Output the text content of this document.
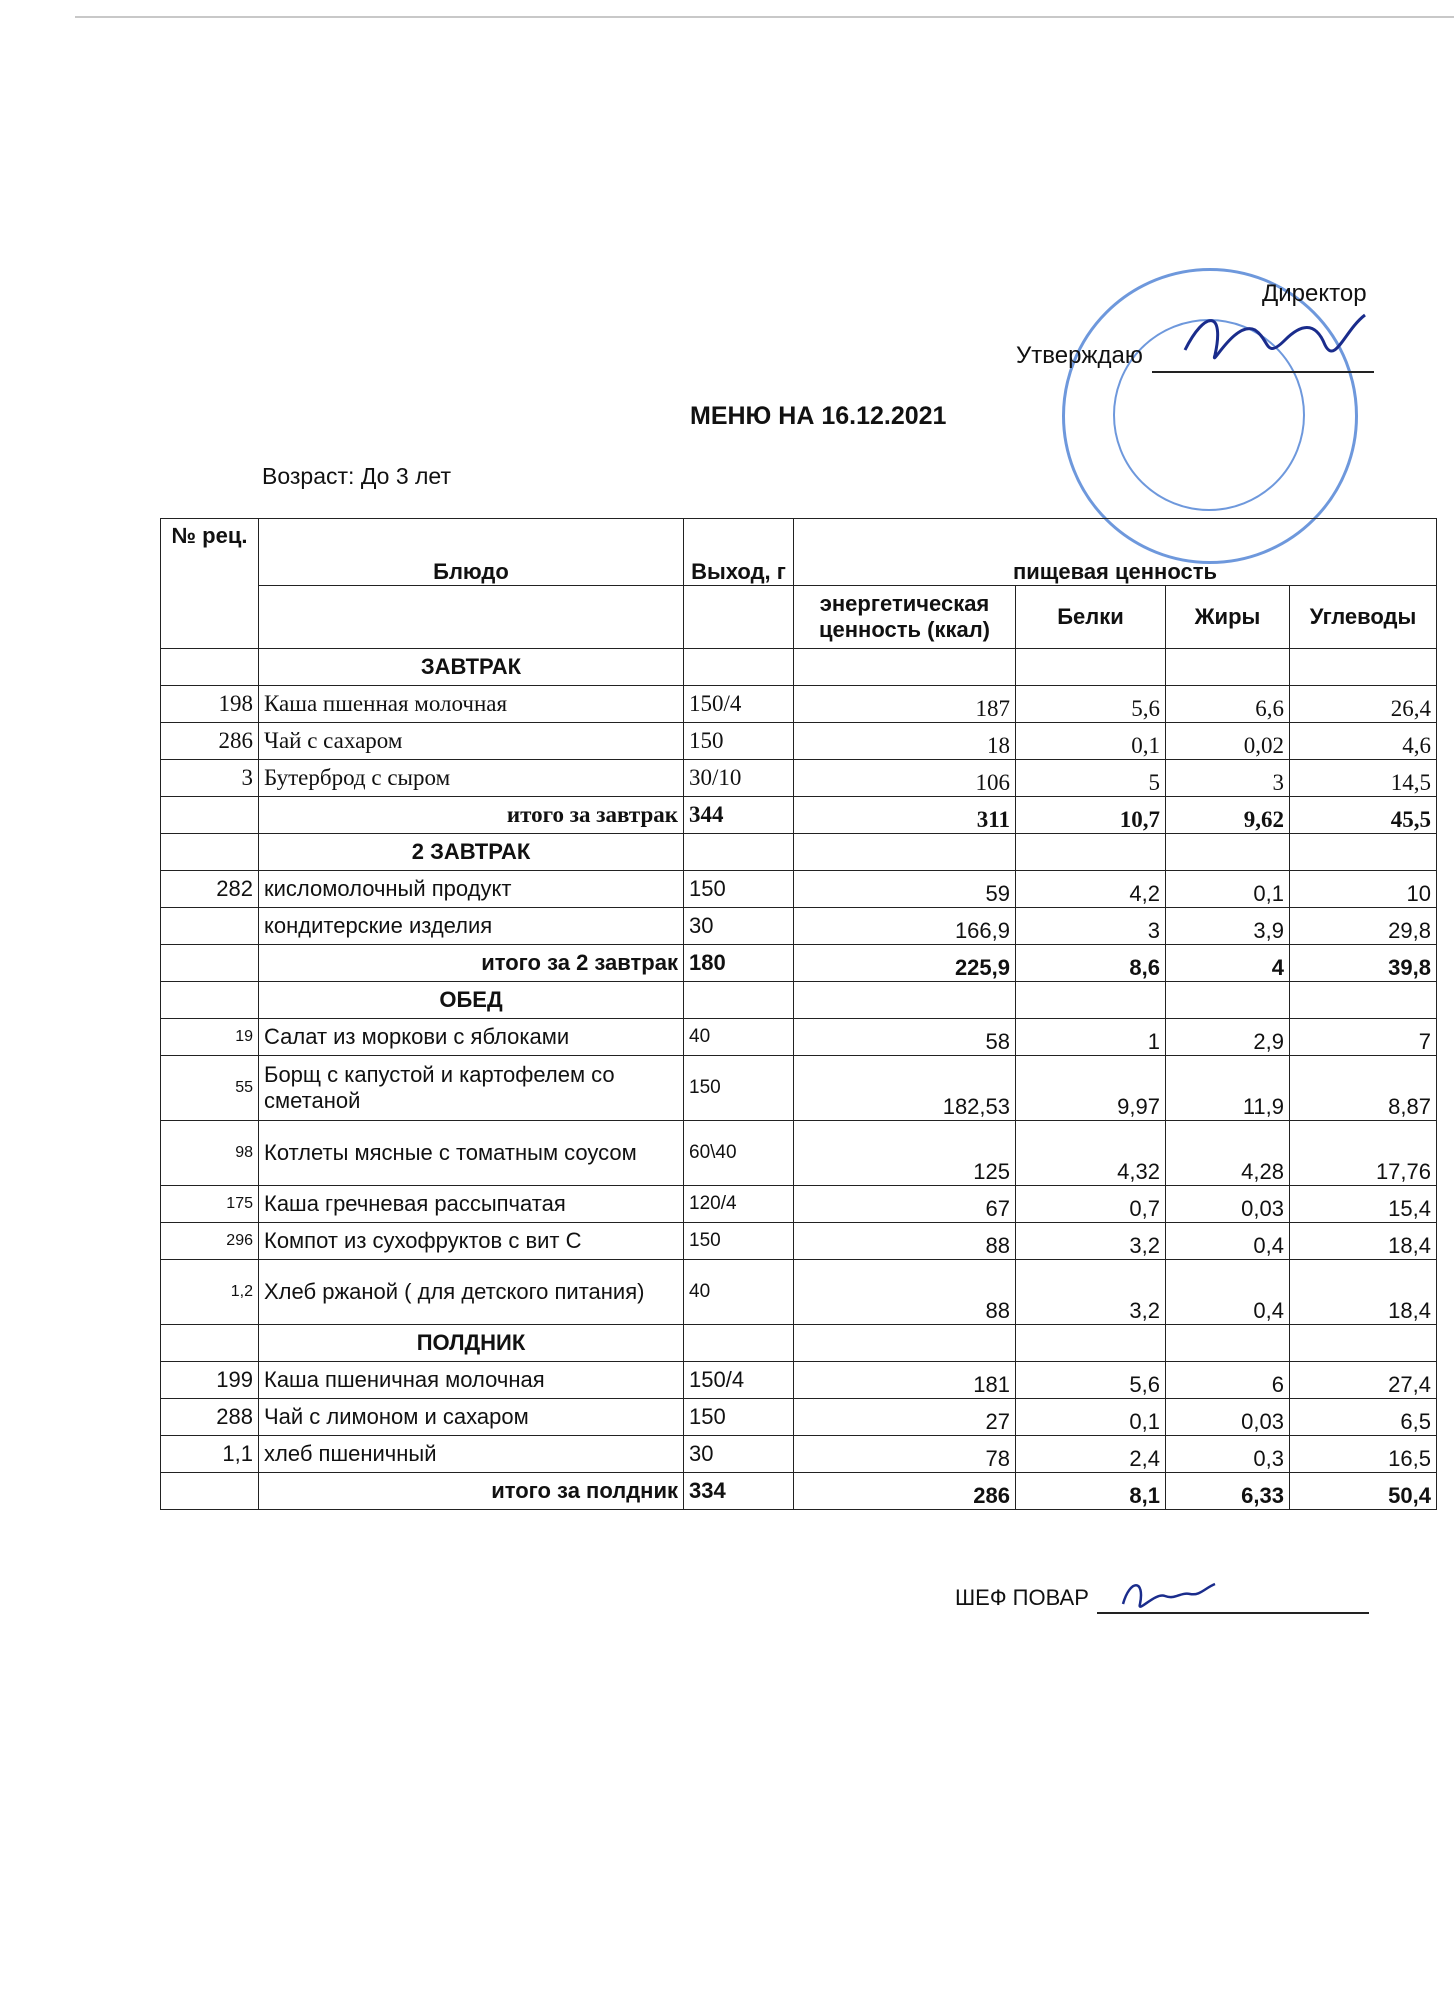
Директор
Утверждаю
МЕНЮ НА 16.12.2021
Возраст: До 3 лет
№ рец.	Блюдо	Выход, г	пищевая ценность			
			энергетическая ценность (ккал)	Белки	Жиры	Углеводы
	ЗАВТРАК					
198	Каша пшенная молочная	150/4	187	5,6	6,6	26,4
286	Чай с сахаром	150	18	0,1	0,02	4,6
3	Бутерброд с сыром	30/10	106	5	3	14,5
	итого за завтрак	344	311	10,7	9,62	45,5
	2 ЗАВТРАК					
282	кисломолочный продукт	150	59	4,2	0,1	10
	кондитерские изделия	30	166,9	3	3,9	29,8
	итого за 2 завтрак	180	225,9	8,6	4	39,8
	ОБЕД					
19	Салат из моркови с яблоками	40	58	1	2,9	7
55	Борщ с капустой и картофелем со сметаной	150	182,53	9,97	11,9	8,87
98	Котлеты мясные с томатным соусом	60\40	125	4,32	4,28	17,76
175	Каша гречневая рассыпчатая	120/4	67	0,7	0,03	15,4
296	Компот из сухофруктов с вит С	150	88	3,2	0,4	18,4
1,2	Хлеб ржаной ( для детского питания)	40	88	3,2	0,4	18,4
	ПОЛДНИК					
199	Каша пшеничная молочная	150/4	181	5,6	6	27,4
288	Чай с лимоном и сахаром	150	27	0,1	0,03	6,5
1,1	хлеб пшеничный	30	78	2,4	0,3	16,5
	итого за полдник	334	286	8,1	6,33	50,4
ШЕФ ПОВАР
